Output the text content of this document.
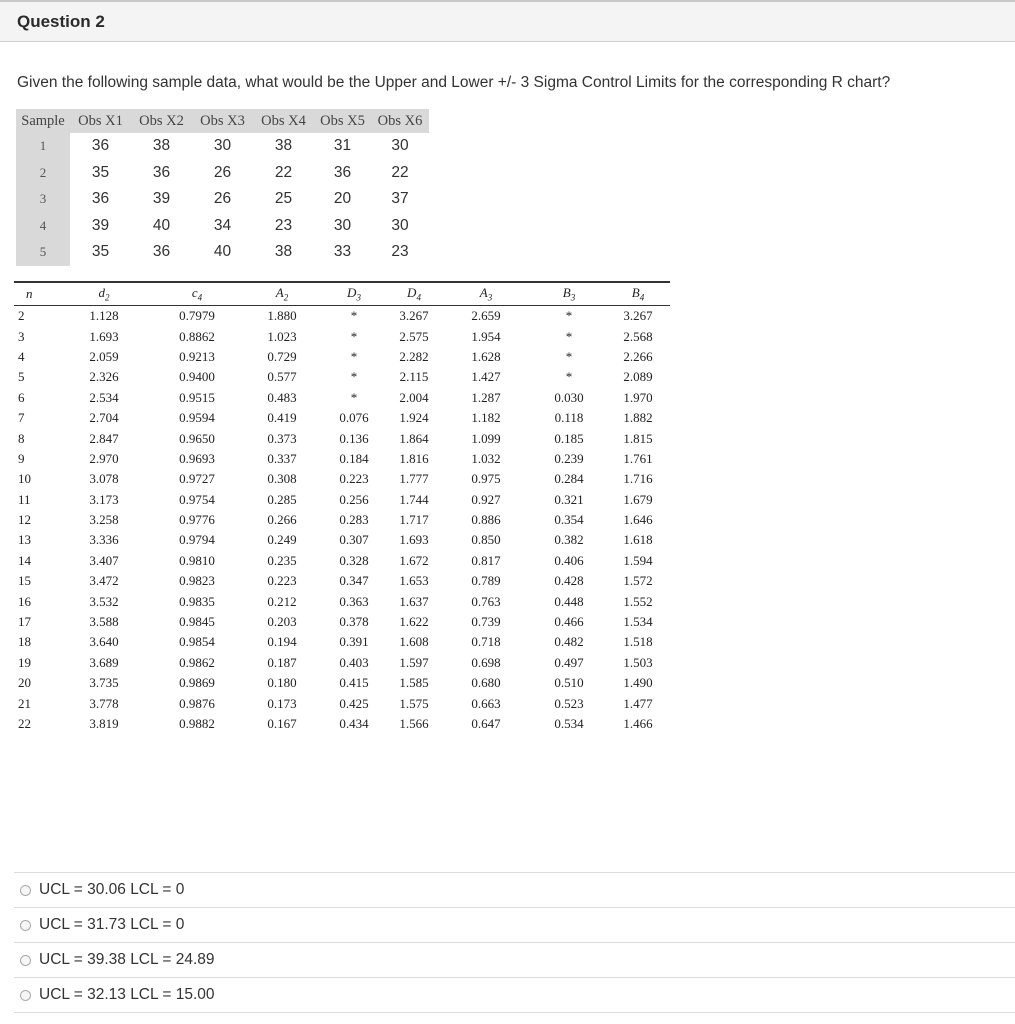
Question 2
Given the following sample data, what would be the Upper and Lower +/- 3 Sigma Control Limits for the corresponding R chart?
Sample	Obs X1	Obs X2	Obs X3	Obs X4	Obs X5	Obs X6
1	36	38	30	38	31	30
2	35	36	26	22	36	22
3	36	39	26	25	20	37
4	39	40	34	23	30	30
5	35	36	40	38	33	23
n	$d_2$	$c_4$	$A_2$	$D_3$	$D_4$	$A_3$	$B_3$	$B_4$
2	1.128	0.7979	1.880	*	3.267	2.659	*	3.267
3	1.693	0.8862	1.023	*	2.575	1.954	*	2.568
4	2.059	0.9213	0.729	*	2.282	1.628	*	2.266
5	2.326	0.9400	0.577	*	2.115	1.427	*	2.089
6	2.534	0.9515	0.483	*	2.004	1.287	0.030	1.970
7	2.704	0.9594	0.419	0.076	1.924	1.182	0.118	1.882
8	2.847	0.9650	0.373	0.136	1.864	1.099	0.185	1.815
9	2.970	0.9693	0.337	0.184	1.816	1.032	0.239	1.761
10	3.078	0.9727	0.308	0.223	1.777	0.975	0.284	1.716
11	3.173	0.9754	0.285	0.256	1.744	0.927	0.321	1.679
12	3.258	0.9776	0.266	0.283	1.717	0.886	0.354	1.646
13	3.336	0.9794	0.249	0.307	1.693	0.850	0.382	1.618
14	3.407	0.9810	0.235	0.328	1.672	0.817	0.406	1.594
15	3.472	0.9823	0.223	0.347	1.653	0.789	0.428	1.572
16	3.532	0.9835	0.212	0.363	1.637	0.763	0.448	1.552
17	3.588	0.9845	0.203	0.378	1.622	0.739	0.466	1.534
18	3.640	0.9854	0.194	0.391	1.608	0.718	0.482	1.518
19	3.689	0.9862	0.187	0.403	1.597	0.698	0.497	1.503
20	3.735	0.9869	0.180	0.415	1.585	0.680	0.510	1.490
21	3.778	0.9876	0.173	0.425	1.575	0.663	0.523	1.477
22	3.819	0.9882	0.167	0.434	1.566	0.647	0.534	1.466
UCL = 30.06 LCL = 0
UCL = 31.73 LCL = 0
UCL = 39.38 LCL = 24.89
UCL = 32.13 LCL = 15.00
